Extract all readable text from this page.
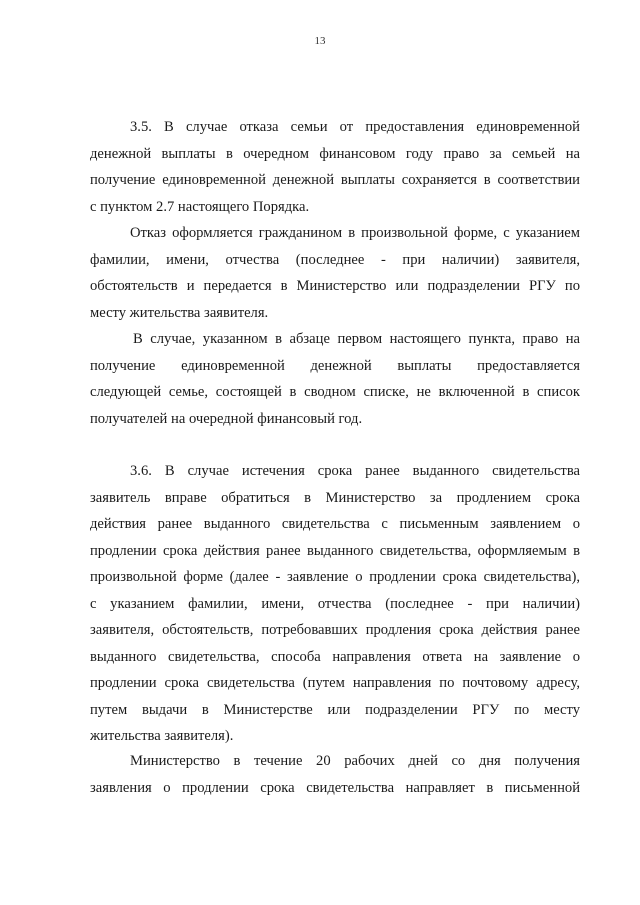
13
3.5. В случае отказа семьи от предоставления единовременной
денежной выплаты в очередном финансовом году право за семьей на
получение единовременной денежной выплаты сохраняется в соответствии
с пунктом 2.7 настоящего Порядка.
Отказ оформляется гражданином в произвольной форме, с указанием
фамилии, имени, отчества (последнее - при наличии) заявителя,
обстоятельств и передается в Министерство или подразделении РГУ по
месту жительства заявителя.
В случае, указанном в абзаце первом настоящего пункта, право на
получение единовременной денежной выплаты предоставляется
следующей семье, состоящей в сводном списке, не включенной в список
получателей на очередной финансовый год.
3.6. В случае истечения срока ранее выданного свидетельства
заявитель вправе обратиться в Министерство за продлением срока
действия ранее выданного свидетельства с письменным заявлением о
продлении срока действия ранее выданного свидетельства, оформляемым в
произвольной форме (далее - заявление о продлении срока свидетельства),
с указанием фамилии, имени, отчества (последнее - при наличии)
заявителя, обстоятельств, потребовавших продления срока действия ранее
выданного свидетельства, способа направления ответа на заявление о
продлении срока свидетельства (путем направления по почтовому адресу,
путем выдачи в Министерстве или подразделении РГУ по месту
жительства заявителя).
Министерство в течение 20 рабочих дней со дня получения
заявления о продлении срока свидетельства направляет в письменной
